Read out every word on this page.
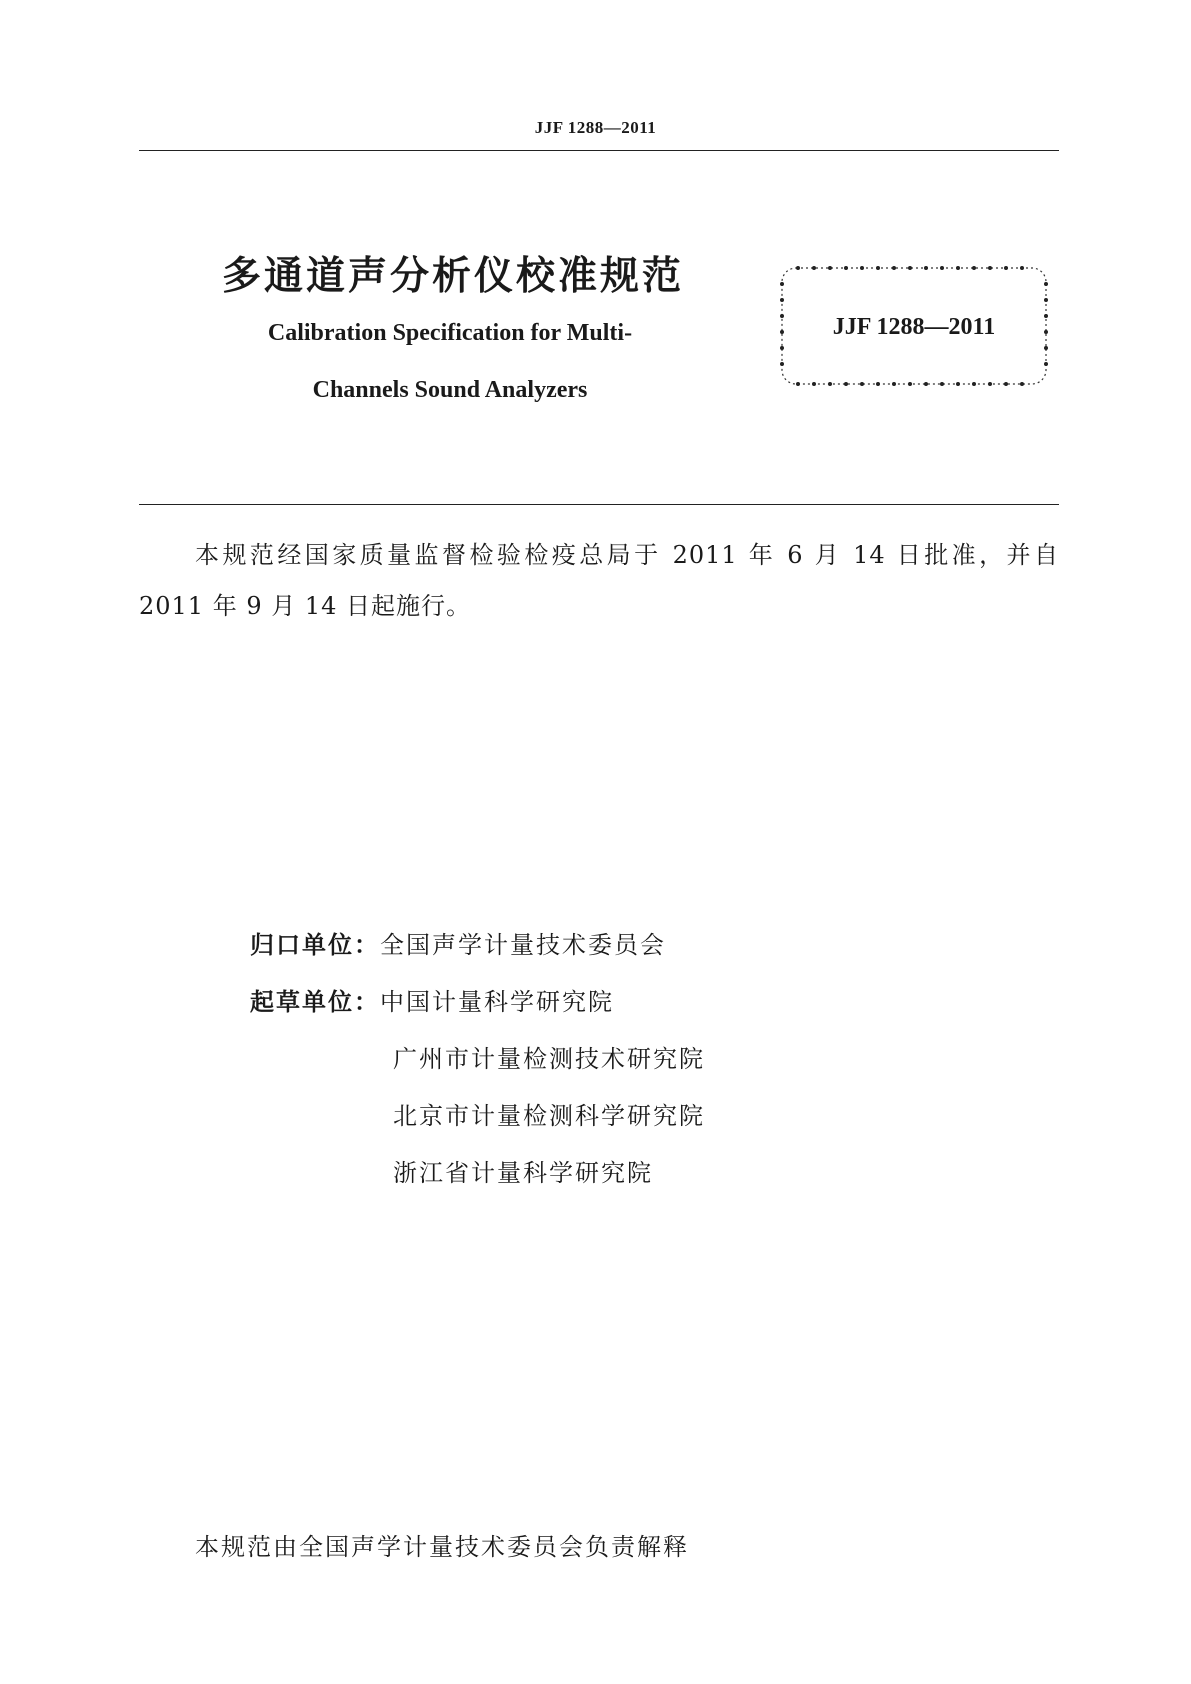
JJF 1288—2011
多通道声分析仪校准规范
Calibration Specification for Multi-
Channels Sound Analyzers
JJF 1288—2011
本规范经国家质量监督检验检疫总局于 2011 年 6 月 14 日批准，并自 2011 年 9 月 14 日起施行。
归口单位：全国声学计量技术委员会
起草单位：中国计量科学研究院
广州市计量检测技术研究院
北京市计量检测科学研究院
浙江省计量科学研究院
本规范由全国声学计量技术委员会负责解释
